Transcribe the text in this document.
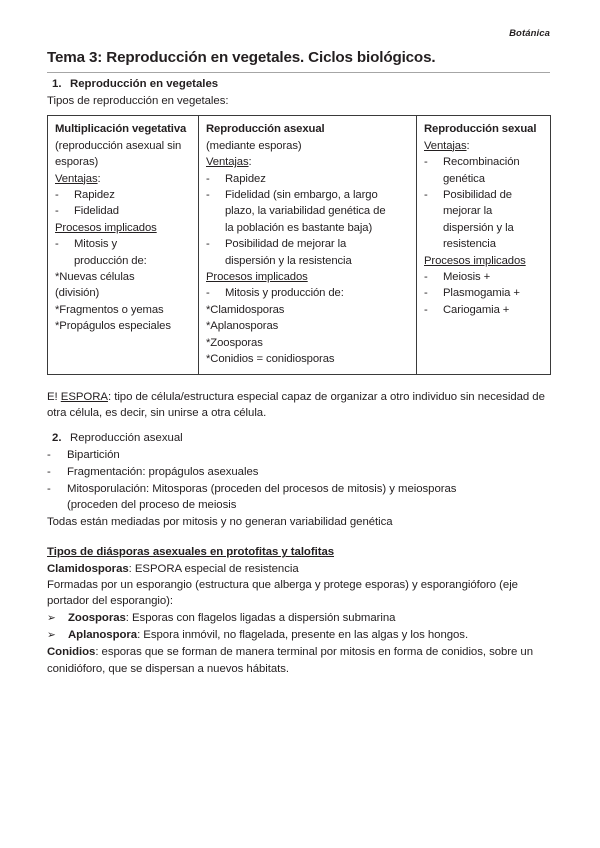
Botánica
Tema 3: Reproducción en vegetales. Ciclos biológicos.
1. Reproducción en vegetales
Tipos de reproducción en vegetales:
Multiplicación vegetativa
(reproducción asexual sin esporas)
Ventajas:
- Rapidez
- Fidelidad
Procesos implicados
- Mitosis y
producción de:
*Nuevas células
(división)
*Fragmentos o yemas
*Propágulos especiales

Reproducción asexual
(mediante esporas)
Ventajas:
- Rapidez
- Fidelidad (sin embargo, a largo
plazo, la variabilidad genética de
la población es bastante baja)
- Posibilidad de mejorar la
dispersión y la resistencia
Procesos implicados
- Mitosis y producción de:
*Clamidosporas
*Aplanosporas
*Zoosporas
*Conidios = conidiosporas

Reproducción sexual
Ventajas:
- Recombinación
genética
- Posibilidad de
mejorar la
dispersión y la
resistencia
Procesos implicados
- Meiosis +
- Plasmogamia +
- Cariogamia +
E! ESPORA: tipo de célula/estructura especial capaz de organizar a otro individuo sin necesidad de otra célula, es decir, sin unirse a otra célula.
2. Reproducción asexual
- Bipartición
- Fragmentación: propágulos asexuales
- Mitosporulación: Mitosporas (proceden del procesos de mitosis) y meiosporas
(proceden del proceso de meiosis
Todas están mediadas por mitosis y no generan variabilidad genética
Tipos de diásporas asexuales en protofitas y talofitas
Clamidosporas: ESPORA especial de resistencia
Formadas por un esporangio (estructura que alberga y protege esporas) y esporangióforo (eje portador del esporangio):
➢ Zoosporas: Esporas con flagelos ligadas a dispersión submarina
➢ Aplanospora: Espora inmóvil, no flagelada, presente en las algas y los hongos.
Conidios: esporas que se forman de manera terminal por mitosis en forma de conidios, sobre un conidióforo, que se dispersan a nuevos hábitats.
